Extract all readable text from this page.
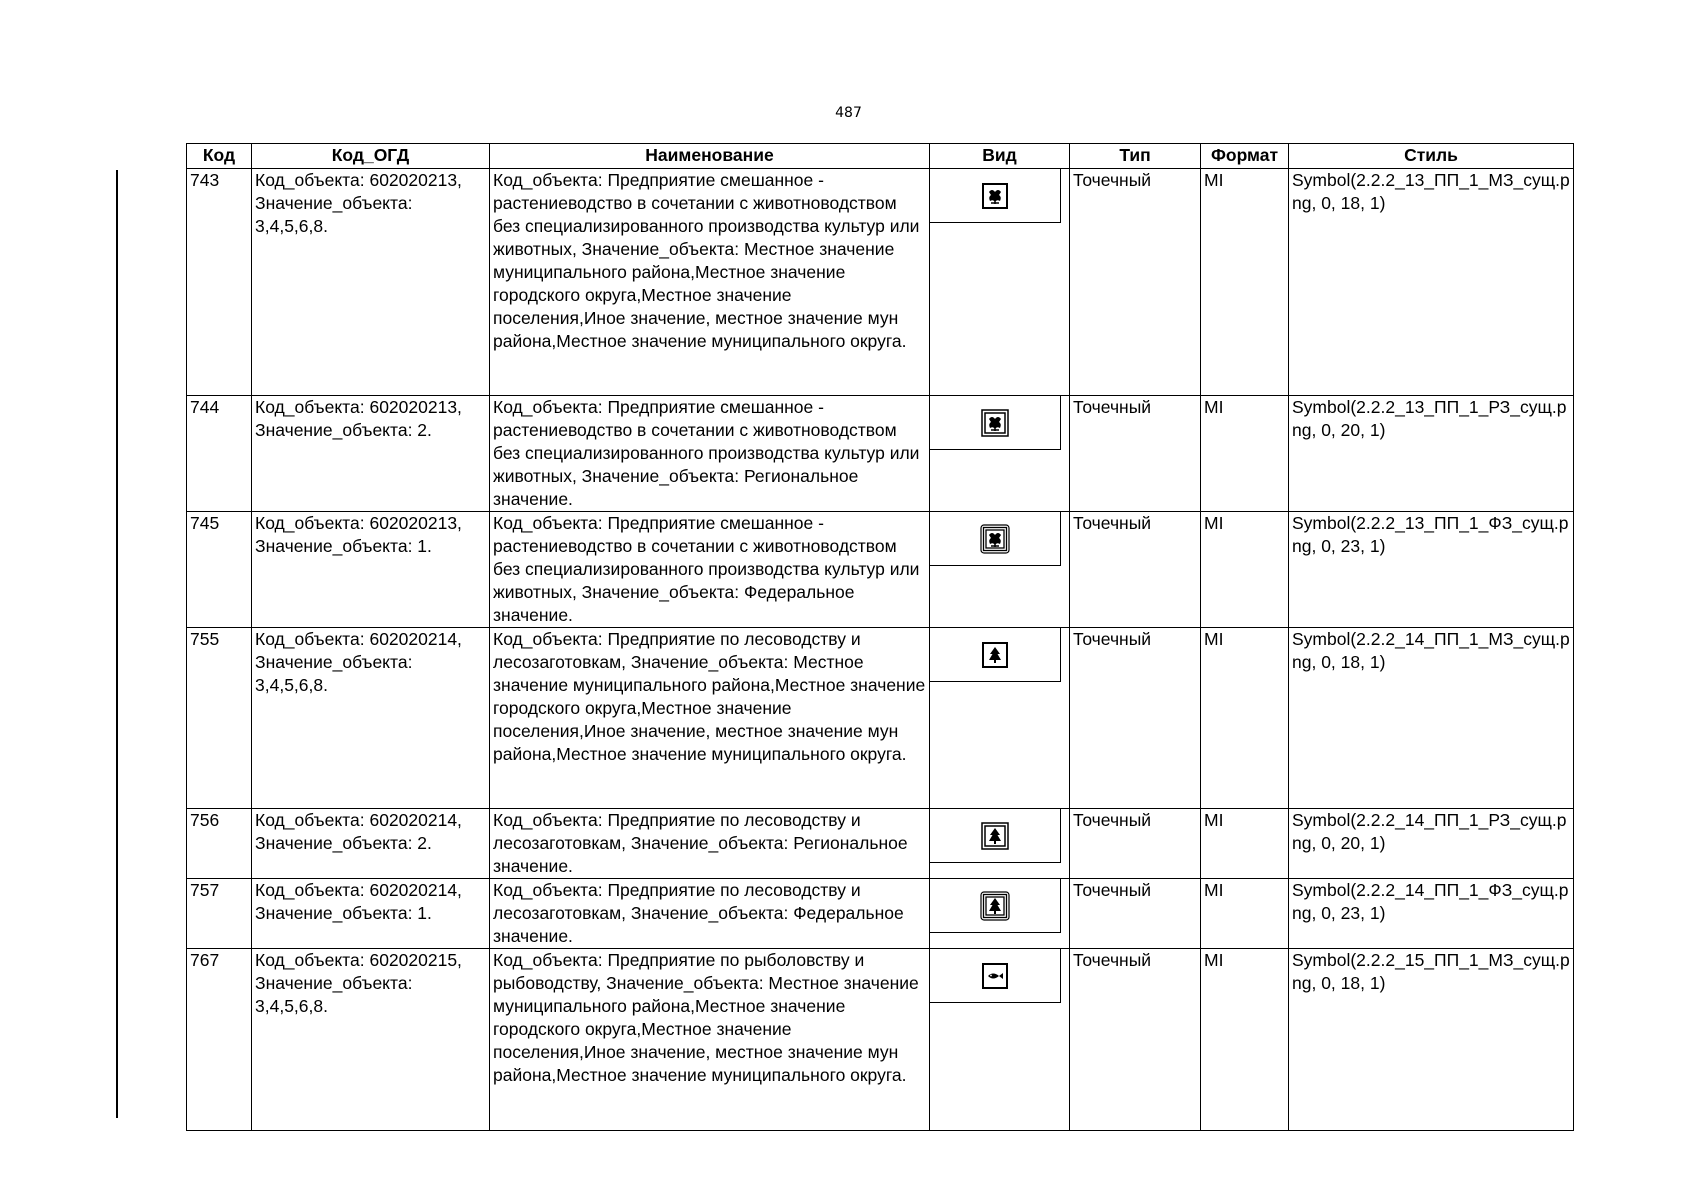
487
Код	Код_ОГД	Наименование	Вид	Тип	Формат	Стиль

743	Код_объекта: 602020213, Значение_объекта: 3,4,5,6,8.	Код_объекта: Предприятие смешанное - растениеводство в сочетании с животноводством без специализированного производства культур или животных, Значение_объекта: Местное значение муниципального района,Местное значение городского округа,Местное значение поселения,Иное значение, местное значение мун района,Местное значение муниципального округа.		Точечный	MI	Symbol(2.2.2_13_ПП_1_МЗ_сущ.png, 0, 18, 1)

744	Код_объекта: 602020213, Значение_объекта: 2.	Код_объекта: Предприятие смешанное - растениеводство в сочетании с животноводством без специализированного производства культур или животных, Значение_объекта: Региональное значение.		Точечный	MI	Symbol(2.2.2_13_ПП_1_РЗ_сущ.png, 0, 20, 1)

745	Код_объекта: 602020213, Значение_объекта: 1.	Код_объекта: Предприятие смешанное - растениеводство в сочетании с животноводством без специализированного производства культур или животных, Значение_объекта: Федеральное значение.		Точечный	MI	Symbol(2.2.2_13_ПП_1_ФЗ_сущ.png, 0, 23, 1)

755	Код_объекта: 602020214, Значение_объекта: 3,4,5,6,8.	Код_объекта: Предприятие по лесоводству и лесозаготовкам, Значение_объекта: Местное значение муниципального района,Местное значение городского округа,Местное значение поселения,Иное значение, местное значение мун района,Местное значение муниципального округа.		Точечный	MI	Symbol(2.2.2_14_ПП_1_МЗ_сущ.png, 0, 18, 1)

756	Код_объекта: 602020214, Значение_объекта: 2.	Код_объекта: Предприятие по лесоводству и лесозаготовкам, Значение_объекта: Региональное значение.		Точечный	MI	Symbol(2.2.2_14_ПП_1_РЗ_сущ.png, 0, 20, 1)

757	Код_объекта: 602020214, Значение_объекта: 1.	Код_объекта: Предприятие по лесоводству и лесозаготовкам, Значение_объекта: Федеральное значение.		Точечный	MI	Symbol(2.2.2_14_ПП_1_ФЗ_сущ.png, 0, 23, 1)

767	Код_объекта: 602020215, Значение_объекта: 3,4,5,6,8.	Код_объекта: Предприятие по рыболовству и рыбоводству, Значение_объекта: Местное значение муниципального района,Местное значение городского округа,Местное значение поселения,Иное значение, местное значение мун района,Местное значение муниципального округа.		Точечный	MI	Symbol(2.2.2_15_ПП_1_МЗ_сущ.png, 0, 18, 1)
